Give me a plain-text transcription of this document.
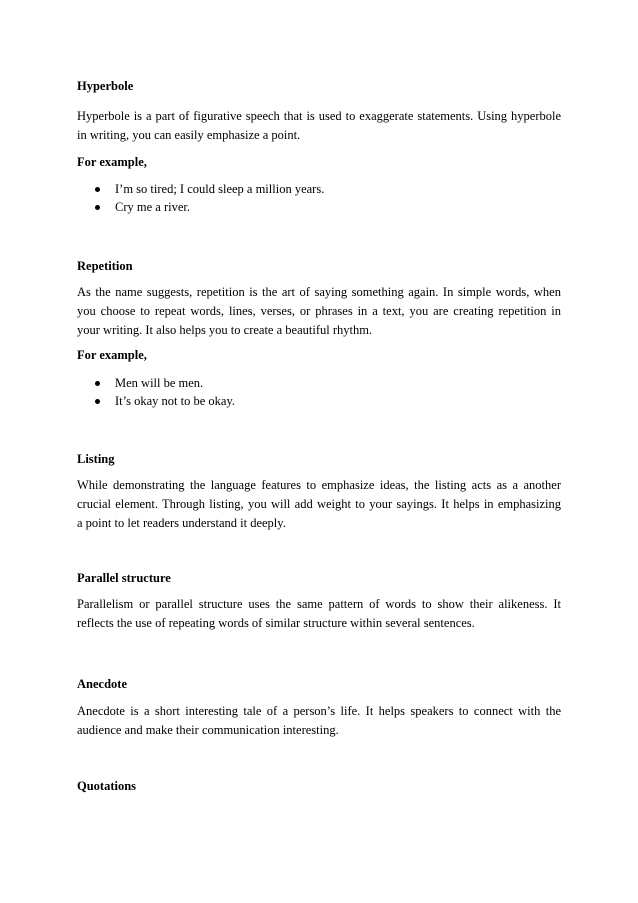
Hyperbole
Hyperbole is a part of figurative speech that is used to exaggerate statements. Using hyperbole
in writing, you can easily emphasize a point.
For example,
I’m so tired; I could sleep a million years.
Cry me a river.
Repetition
As the name suggests, repetition is the art of saying something again. In simple words, when
you choose to repeat words, lines, verses, or phrases in a text, you are creating repetition in
your writing. It also helps you to create a beautiful rhythm.
For example,
Men will be men.
It’s okay not to be okay.
Listing
While demonstrating the language features to emphasize ideas, the listing acts as a another
crucial element. Through listing, you will add weight to your sayings. It helps in emphasizing
a point to let readers understand it deeply.
Parallel structure
Parallelism or parallel structure uses the same pattern of words to show their alikeness. It
reflects the use of repeating words of similar structure within several sentences.
Anecdote
Anecdote is a short interesting tale of a person’s life. It helps speakers to connect with the
audience and make their communication interesting.
Quotations
